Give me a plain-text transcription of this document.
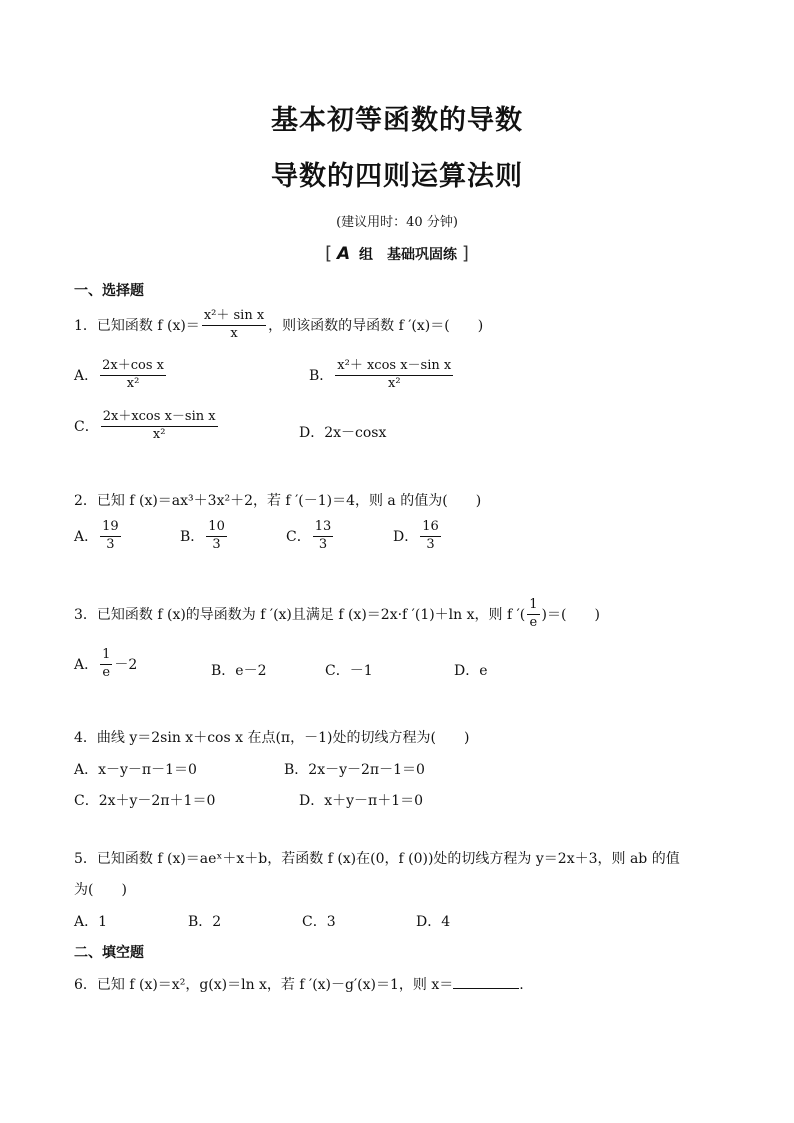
基本初等函数的导数
导数的四则运算法则
(建议用时：40 分钟)
[ A 组　基础巩固练 ]
一、选择题
1．已知函数 f $(x)= \frac{\text{x²＋ sin x}}{x}$ ，则该函数的导函数 f ′(x)＝(　　)
A． $\frac{\text{2x＋cos x}}{\text{x²}}$	B． $\frac{\text{x²＋ xcos x－sin x}}{\text{x²}}$
C． $\frac{\text{2x＋xcos x－sin x}}{\text{x²}}$	D．2x－cosx
2．已知 f (x)＝ax³＋3x²＋2，若 f ′(－1)＝4，则 a 的值为(　　)
A． $\frac{19}{3}$	B． $\frac{10}{3}$	C． $\frac{13}{3}$	D． $\frac{16}{3}$
3．已知函数 f (x)的导函数为 f ′(x)且满足 f (x)＝2x·f ′(1)＋ln x，则 f ′( $\frac{1}{e}$ )＝(　　)
A． $\frac{1}{e} -2$	B．e－2	C．－1	D．e
4．曲线 y＝2sin x＋cos x 在点(π，－1)处的切线方程为(　　)
A．x－y－π－1＝0	B．2x－y－2π－1＝0
C．2x＋y－2π＋1＝0	D．x＋y－π＋1＝0
5．已知函数 f (x)＝aeˣ＋x＋b，若函数 f (x)在(0，f (0))处的切线方程为 y＝2x＋3，则 ab 的值
为(　　)
A．1	B．2	C．3	D．4
二、填空题
6．已知 f (x)＝x²，g(x)＝ln x，若 f ′(x)－g′(x)＝1，则 x＝	.
